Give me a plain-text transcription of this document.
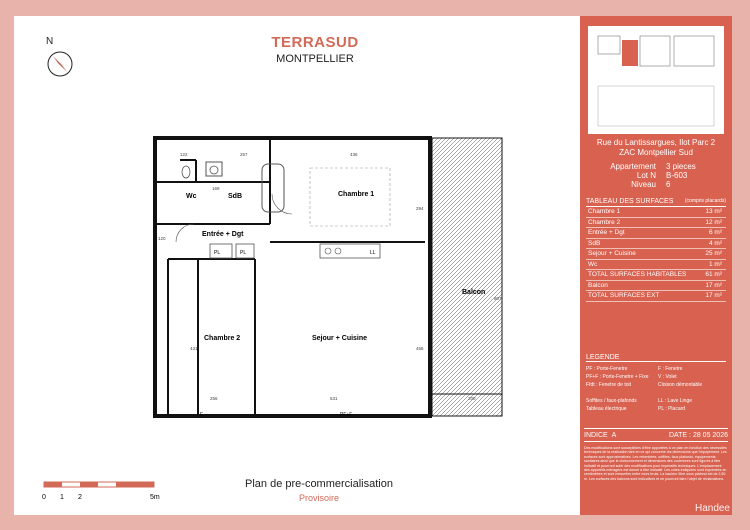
N	TERRASUD
MONTPELLIER
Wc	SdB	Chambre 1
Entrée + Dgt
Chambre 2	Sejour + Cuisine
Balcon
PL	PL	LL
F	PF+F
122	257	436
169
294
120
431	456
807
256	531	200
0 1 2	5m
Plan de pre-commercialisation
Provisoire
Rue du Lantissargues, Ilot Parc 2
ZAC Montpellier Sud
Appartement	3 pieces
Lot N	B-603
Niveau	6
TABLEAU DES SURFACES (compris placards)
Chambre 1	13 m²
Chambre 2	12 m²
Entrée + Dgt	6 m²
SdB	4 m²
Sejour + Cuisine	25 m²
Wc	1 m²
TOTAL SURFACES HABITABLES	61 m²
Balcon	17 m²
TOTAL SURFACES EXT	17 m²
LEGENDE
PF : Porte-Fenetre
PF+F : Porte-Fenetre + Fixe
Ffdt : Fenetre de toit
Soffites / faux-plafonds
Tableau électrique
F : Fenetre
V : Volet
Cloison démontable
LL : Lave Linge
PL : Placard
INDICE A	DATE : 28 05 2026
Des modifications sont susceptibles d'être apportées à ce plan en fonction des nécessités techniques de la réalisation tant en ce qui concerne les dimensions que l'équipement. Les surfaces sont approximatives. Les retombées, soffites, faux plafonds, équipements sanitaires ainsi que le cloisonnement et dimensions des ouvertures sont figurés à titre indicatif et pourront subir des modifications pour impératifs techniques. L'emplacement des appareils ménagers est donné à titre indicatif. Les cotes indiquées sont exprimées en centimètres et sont mesurées entre murs bruts. La hauteur libre sous plafond est de 2,50 m. Les surfaces des balcons sont indicatives et ne pourront faire l'objet de réclamations.
Handee
